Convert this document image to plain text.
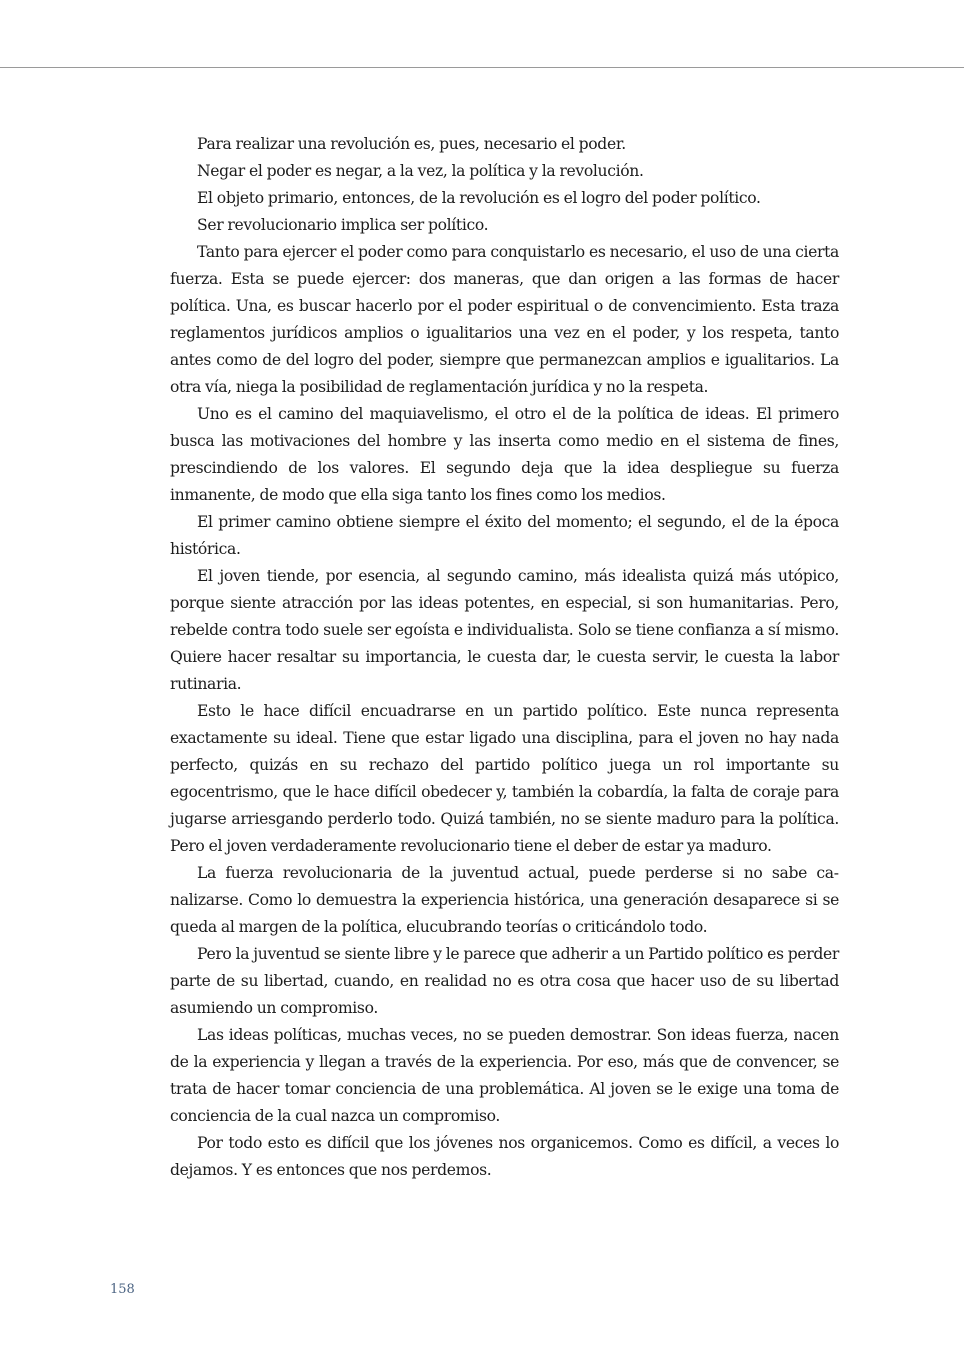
Para realizar una revolución es, pues, necesario el poder.

Negar el poder es negar, a la vez, la política y la revolución.

El objeto primario, entonces, de la revolución es el logro del poder político.

Ser revolucionario implica ser político.

Tanto para ejercer el poder como para conquistarlo es necesario, el uso de una cierta fuerza. Esta se puede ejercer: dos maneras, que dan origen a las formas de hacer política. Una, es buscar hacerlo por el poder espiritual o de convencimiento. Esta traza reglamentos jurídicos amplios o igualitarios una vez en el poder, y los respeta, tanto antes como de del logro del poder, siempre que permanezcan amplios e igualitarios. La otra vía, niega la posibilidad de reglamentación jurídica y no la respeta.

Uno es el camino del maquiavelismo, el otro el de la política de ideas. El primero busca las motivaciones del hombre y las inserta como medio en el sistema de fines, prescindiendo de los valores. El segundo deja que la idea despliegue su fuerza inmanente, de modo que ella siga tanto los fines como los medios.

El primer camino obtiene siempre el éxito del momento; el segundo, el de la época histórica.

El joven tiende, por esencia, al segundo camino, más idealista quizá más utópico, porque siente atracción por las ideas potentes, en especial, si son humanitarias. Pero, rebelde contra todo suele ser egoísta e individualista. Solo se tiene confianza a sí mismo. Quiere hacer resaltar su importancia, le cuesta dar, le cuesta servir, le cuesta la labor rutinaria.

Esto le hace difícil encuadrarse en un partido político. Este nunca representa exactamente su ideal. Tiene que estar ligado una disciplina, para el joven no hay nada perfecto, quizás en su rechazo del partido político juega un rol importante su egocentrismo, que le hace difícil obedecer y, también la cobardía, la falta de coraje para jugarse arriesgando perderlo todo. Quizá también, no se siente maduro para la política. Pero el joven verdaderamente revolucionario tiene el deber de estar ya maduro.

La fuerza revolucionaria de la juventud actual, puede perderse si no sabe canalizarse. Como lo demuestra la experiencia histórica, una generación desaparece si se queda al margen de la política, elucubrando teorías o criticándolo todo.

Pero la juventud se siente libre y le parece que adherir a un Partido político es perder parte de su libertad, cuando, en realidad no es otra cosa que hacer uso de su libertad asumiendo un compromiso.

Las ideas políticas, muchas veces, no se pueden demostrar. Son ideas fuerza, nacen de la experiencia y llegan a través de la experiencia. Por eso, más que de convencer, se trata de hacer tomar conciencia de una problemática. Al joven se le exige una toma de conciencia de la cual nazca un compromiso.

Por todo esto es difícil que los jóvenes nos organicemos. Como es difícil, a veces lo dejamos. Y es entonces que nos perdemos.

158
